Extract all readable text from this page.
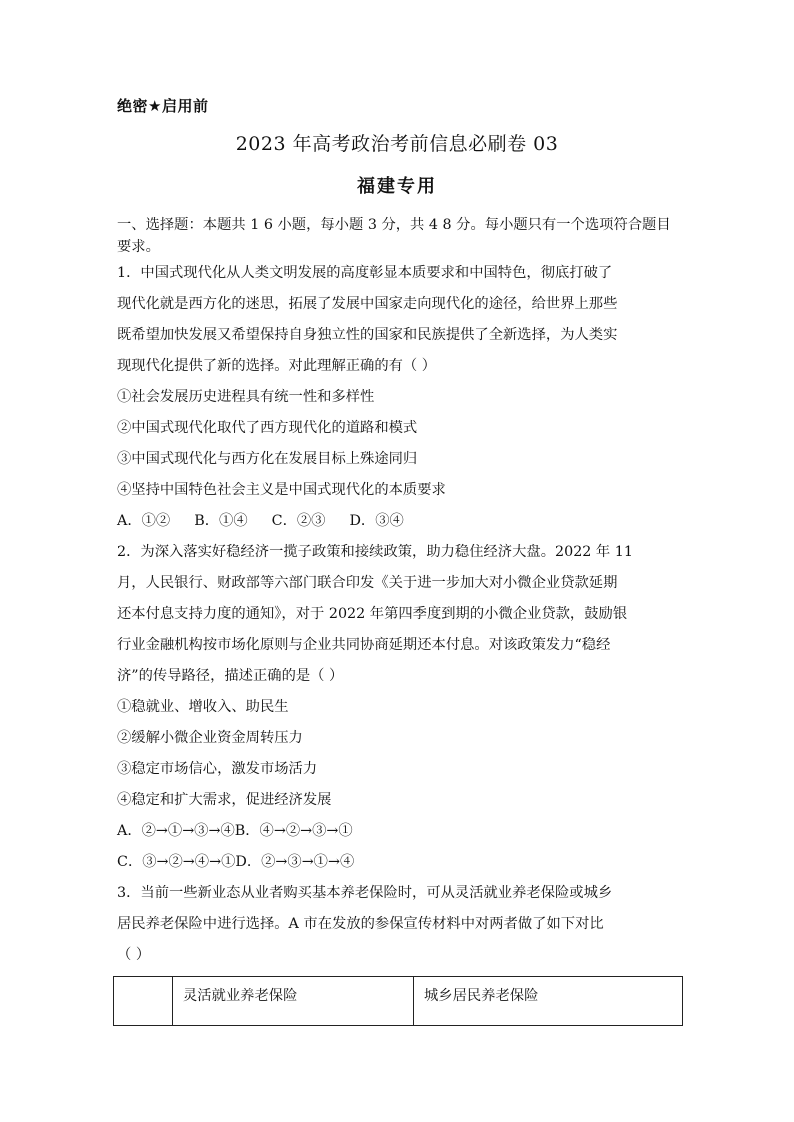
绝密★启用前
2023 年高考政治考前信息必刷卷 03
福建专用
一、选择题：本题共 1 6 小题，每小题 3 分，共 4 8 分。每小题只有一个选项符合题目要求。

1．中国式现代化从人类文明发展的高度彰显本质要求和中国特色，彻底打破了

现代化就是西方化的迷思，拓展了发展中国家走向现代化的途径，给世界上那些

既希望加快发展又希望保持自身独立性的国家和民族提供了全新选择，为人类实

现现代化提供了新的选择。对此理解正确的有（ ）

①社会发展历史进程具有统一性和多样性

②中国式现代化取代了西方现代化的道路和模式

③中国式现代化与西方化在发展目标上殊途同归

④坚持中国特色社会主义是中国式现代化的本质要求

A．①② B．①④ C．②③ D．③④

2．为深入落实好稳经济一揽子政策和接续政策，助力稳住经济大盘。2022 年 11

月，人民银行、财政部等六部门联合印发《关于进一步加大对小微企业贷款延期

还本付息支持力度的通知》，对于 2022 年第四季度到期的小微企业贷款，鼓励银

行业金融机构按市场化原则与企业共同协商延期还本付息。对该政策发力“稳经

济”的传导路径，描述正确的是（ ）

①稳就业、增收入、助民生

②缓解小微企业资金周转压力

③稳定市场信心，激发市场活力

④稳定和扩大需求，促进经济发展

A．②→①→③→④B．④→②→③→①

C．③→②→④→①D．②→③→①→④

3．当前一些新业态从业者购买基本养老保险时，可从灵活就业养老保险或城乡

居民养老保险中进行选择。A 市在发放的参保宣传材料中对两者做了如下对比

（ ）

	灵活就业养老保险	城乡居民养老保险
